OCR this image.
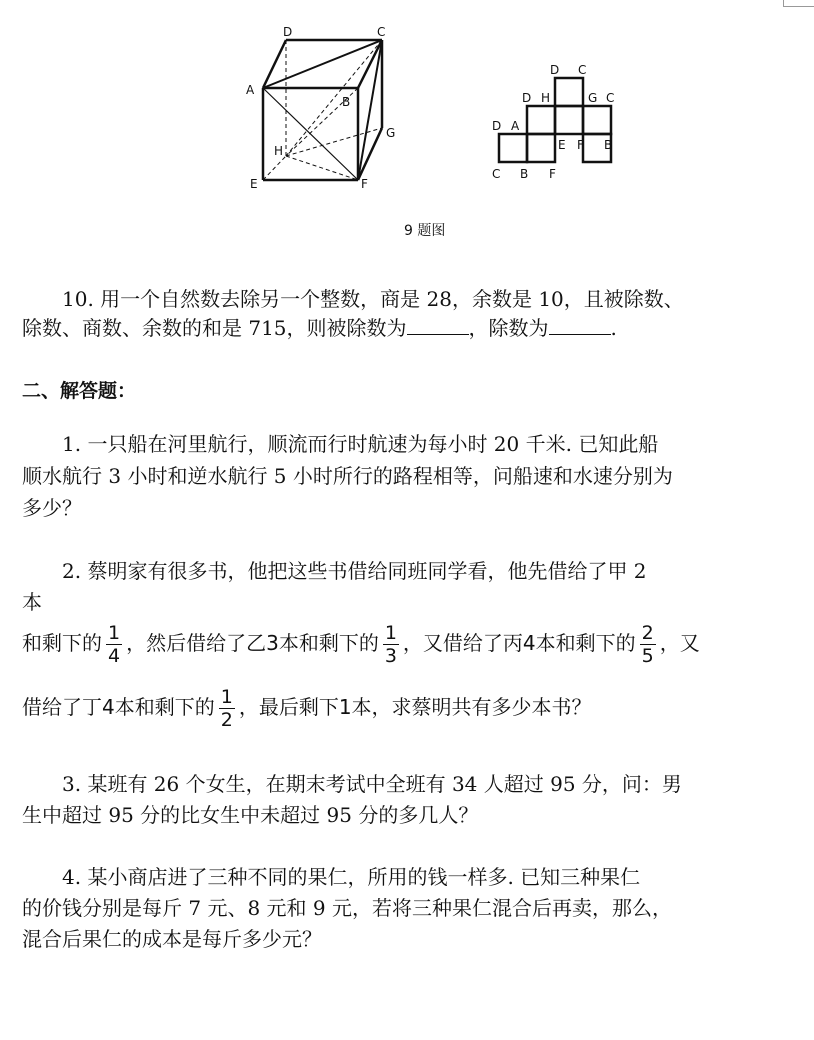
D	C
A
B
G
H
E	F
D C
D H	G C
D A
E F B
C B F
9 题图

10. 用一个自然数去除另一个整数，商是 28，余数是 10，且被除数、

除数、商数、余数的和是 715，则被除数为	，除数为	.

二、解答题：

1. 一只船在河里航行，顺流而行时航速为每小时 20 千米. 已知此船

顺水航行 3 小时和逆水航行 5 小时所行的路程相等，问船速和水速分别为

多少？

2. 蔡明家有很多书，他把这些书借给同班同学看，他先借给了甲 2

本

和剩下的 $\frac{1}{4}$ ，然后借给了乙3本和剩下的 $\frac{1}{3}$ ，又借给了丙4本和剩下的 $\frac{2}{5}$ ，又
借给了丁4本和剩下的 $\frac{1}{2}$ ，最后剩下1本，求蔡明共有多少本书？

3. 某班有 26 个女生，在期末考试中全班有 34 人超过 95 分，问：男

生中超过 95 分的比女生中未超过 95 分的多几人？

4. 某小商店进了三种不同的果仁，所用的钱一样多. 已知三种果仁

的价钱分别是每斤 7 元、8 元和 9 元，若将三种果仁混合后再卖，那么，

混合后果仁的成本是每斤多少元？
